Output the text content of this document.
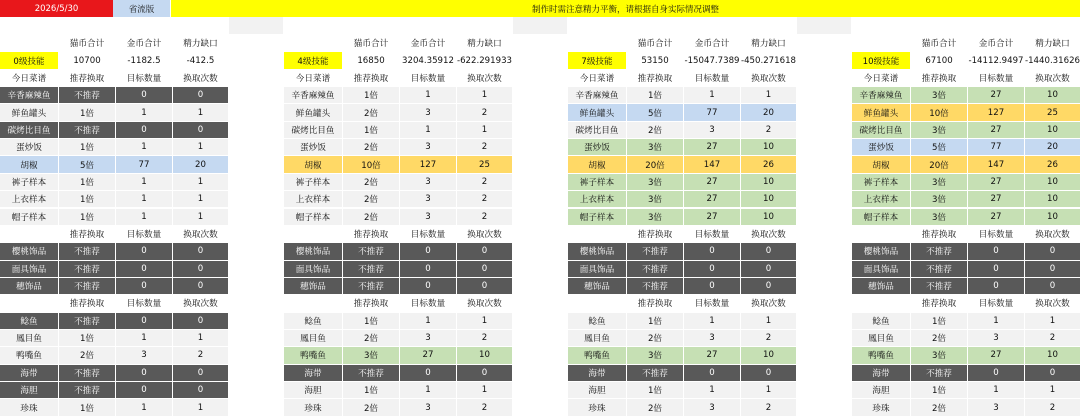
2026/5/30	省流版	制作时需注意精力平衡，请根据自身实际情况调整
猫币合计	金币合计	精力缺口
0级技能	10700	-1182.5	-412.5
今日菜谱	推荐换取	目标数量	换取次数
辛香麻辣鱼	不推荐	0	0
鲜鱼罐头	1倍	1	1
碳烤比目鱼	不推荐	0	0
蛋炒饭	1倍	1	1
胡椒	5倍	77	20
裤子样本	1倍	1	1
上衣样本	1倍	1	1
帽子样本	1倍	1	1
推荐换取	目标数量	换取次数
樱桃饰品	不推荐	0	0
面具饰品	不推荐	0	0
穗饰品	不推荐	0	0
推荐换取	目标数量	换取次数
鲶鱼	不推荐	0	0
鳳目鱼	1倍	1	1
鸭嘴鱼	2倍	3	2
海带	不推荐	0	0
海胆	不推荐	0	0
珍珠	1倍	1	1
猫币合计	金币合计	精力缺口
4级技能	16850	3204.35912 -622.291933
今日菜谱	推荐换取	目标数量	换取次数
辛香麻辣鱼	1倍	1	1
鲜鱼罐头	2倍	3	2
碳烤比目鱼	1倍	1	1
蛋炒饭	2倍	3	2
胡椒	10倍	127	25
裤子样本	2倍	3	2
上衣样本	2倍	3	2
帽子样本	2倍	3	2
推荐换取	目标数量	换取次数
樱桃饰品	不推荐	0	0
面具饰品	不推荐	0	0
穗饰品	不推荐	0	0
推荐换取	目标数量	换取次数
鲶鱼	1倍	1	1
鳳目鱼	2倍	3	2
鸭嘴鱼	3倍	27	10
海带	不推荐	0	0
海胆	1倍	1	1
珍珠	2倍	3	2
猫币合计	金币合计	精力缺口
7级技能	53150	-15047.7389 -450.271618
今日菜谱	推荐换取	目标数量	换取次数
辛香麻辣鱼	1倍	1	1
鲜鱼罐头	5倍	77	20
碳烤比目鱼	2倍	3	2
蛋炒饭	3倍	27	10
胡椒	20倍	147	26
裤子样本	3倍	27	10
上衣样本	3倍	27	10
帽子样本	3倍	27	10
推荐换取	目标数量	换取次数
樱桃饰品	不推荐	0	0
面具饰品	不推荐	0	0
穗饰品	不推荐	0	0
推荐换取	目标数量	换取次数
鲶鱼	1倍	1	1
鳳目鱼	2倍	3	2
鸭嘴鱼	3倍	27	10
海带	不推荐	0	0
海胆	1倍	1	1
珍珠	2倍	3	2
猫币合计	金币合计	精力缺口
10级技能	67100	-14112.9497 -1440.31626
今日菜谱	推荐换取	目标数量	换取次数
辛香麻辣鱼	3倍	27	10
鲜鱼罐头	10倍	127	25
碳烤比目鱼	3倍	27	10
蛋炒饭	5倍	77	20
胡椒	20倍	147	26
裤子样本	3倍	27	10
上衣样本	3倍	27	10
帽子样本	3倍	27	10
推荐换取	目标数量	换取次数
樱桃饰品	不推荐	0	0
面具饰品	不推荐	0	0
穗饰品	不推荐	0	0
推荐换取	目标数量	换取次数
鲶鱼	1倍	1	1
鳳目鱼	2倍	3	2
鸭嘴鱼	3倍	27	10
海带	不推荐	0	0
海胆	1倍	1	1
珍珠	2倍	3	2
